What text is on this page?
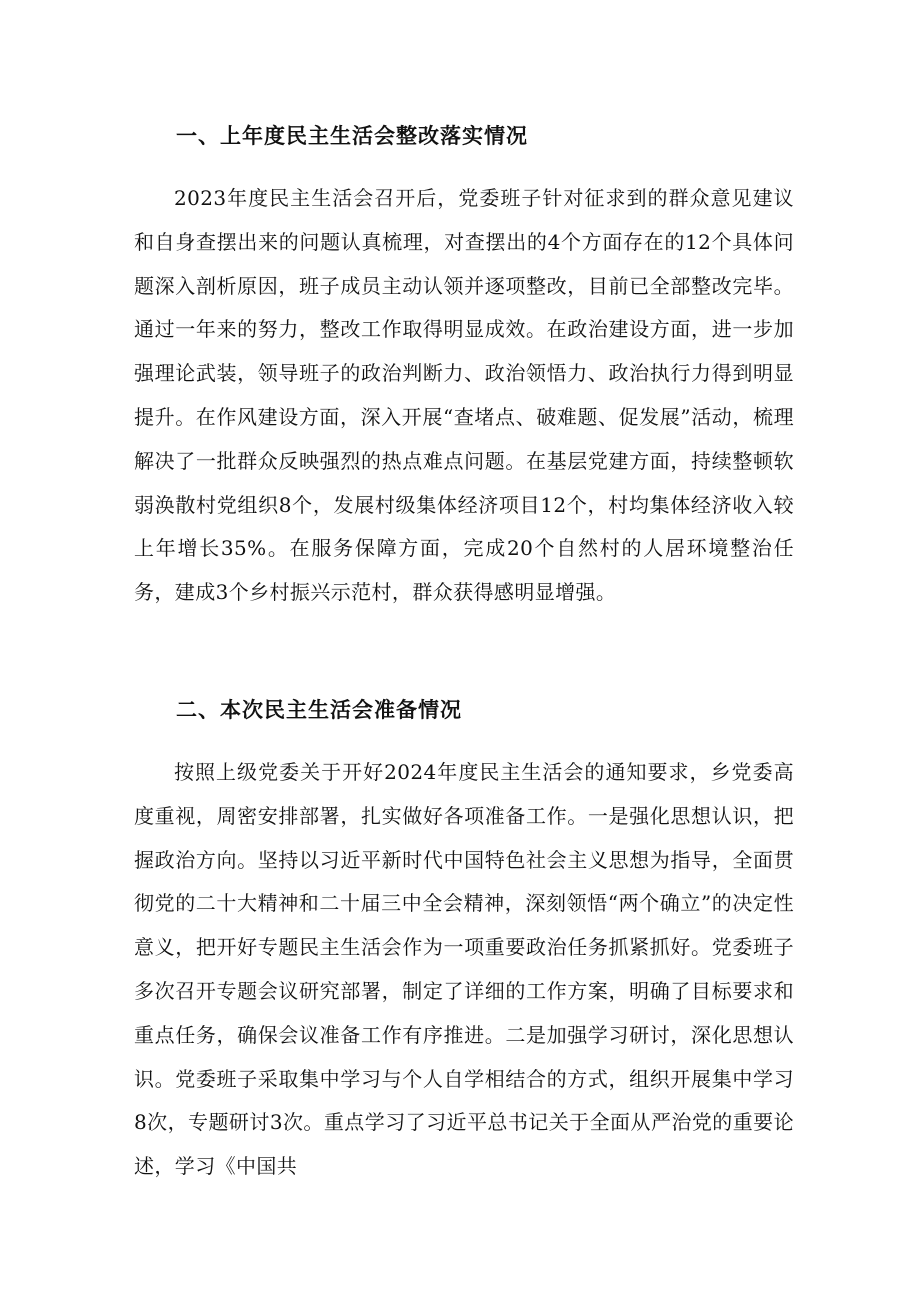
一、上年度民主生活会整改落实情况
2023年度民主生活会召开后，党委班子针对征求到的群众意见建议和自身查摆出来的问题认真梳理，对查摆出的4个方面存在的12个具体问题深入剖析原因，班子成员主动认领并逐项整改，目前已全部整改完毕。通过一年来的努力，整改工作取得明显成效。在政治建设方面，进一步加强理论武装，领导班子的政治判断力、政治领悟力、政治执行力得到明显提升。在作风建设方面，深入开展“查堵点、破难题、促发展”活动，梳理解决了一批群众反映强烈的热点难点问题。在基层党建方面，持续整顿软弱涣散村党组织8个，发展村级集体经济项目12个，村均集体经济收入较上年增长35%。在服务保障方面，完成20个自然村的人居环境整治任务，建成3个乡村振兴示范村，群众获得感明显增强。
二、本次民主生活会准备情况
按照上级党委关于开好2024年度民主生活会的通知要求，乡党委高度重视，周密安排部署，扎实做好各项准备工作。一是强化思想认识，把握政治方向。坚持以习近平新时代中国特色社会主义思想为指导，全面贯彻党的二十大精神和二十届三中全会精神，深刻领悟“两个确立”的决定性意义，把开好专题民主生活会作为一项重要政治任务抓紧抓好。党委班子多次召开专题会议研究部署，制定了详细的工作方案，明确了目标要求和重点任务，确保会议准备工作有序推进。二是加强学习研讨，深化思想认识。党委班子采取集中学习与个人自学相结合的方式，组织开展集中学习8次，专题研讨3次。重点学习了习近平总书记关于全面从严治党的重要论述，学习《中国共
